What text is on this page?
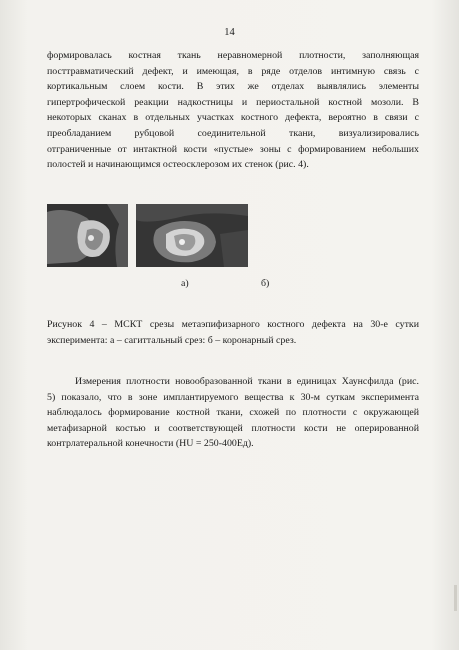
14
формировалась костная ткань неравномерной плотности, заполняющая
посттравматический дефект, и имеющая, в ряде отделов интимную связь с
кортикальным слоем кости. В этих же отделах выявлялись элементы
гипертрофической реакции надкостницы и периостальной костной мозоли. В
некоторых сканах в отдельных участках костного дефекта, вероятно в связи с
преобладанием рубцовой соединительной ткани, визуализировались
отграниченные от интактной кости «пустые» зоны с формированием небольших
полостей и начинающимся остеосклерозом их стенок (рис. 4).
а)	б)
Рисунок 4 – МСКТ срезы метаэпифизарного костного дефекта на 30-е сутки
эксперимента: а – сагиттальный срез: б – коронарный срез.
Измерения плотности новообразованной ткани в единицах Хаунсфилда (рис.
5) показало, что в зоне имплантируемого вещества к 30-м суткам эксперимента
наблюдалось формирование костной ткани, схожей по плотности с окружающей
метафизарной костью и соответствующей плотности кости не оперированной
контрлатеральной конечности (HU = 250-400Ед).
